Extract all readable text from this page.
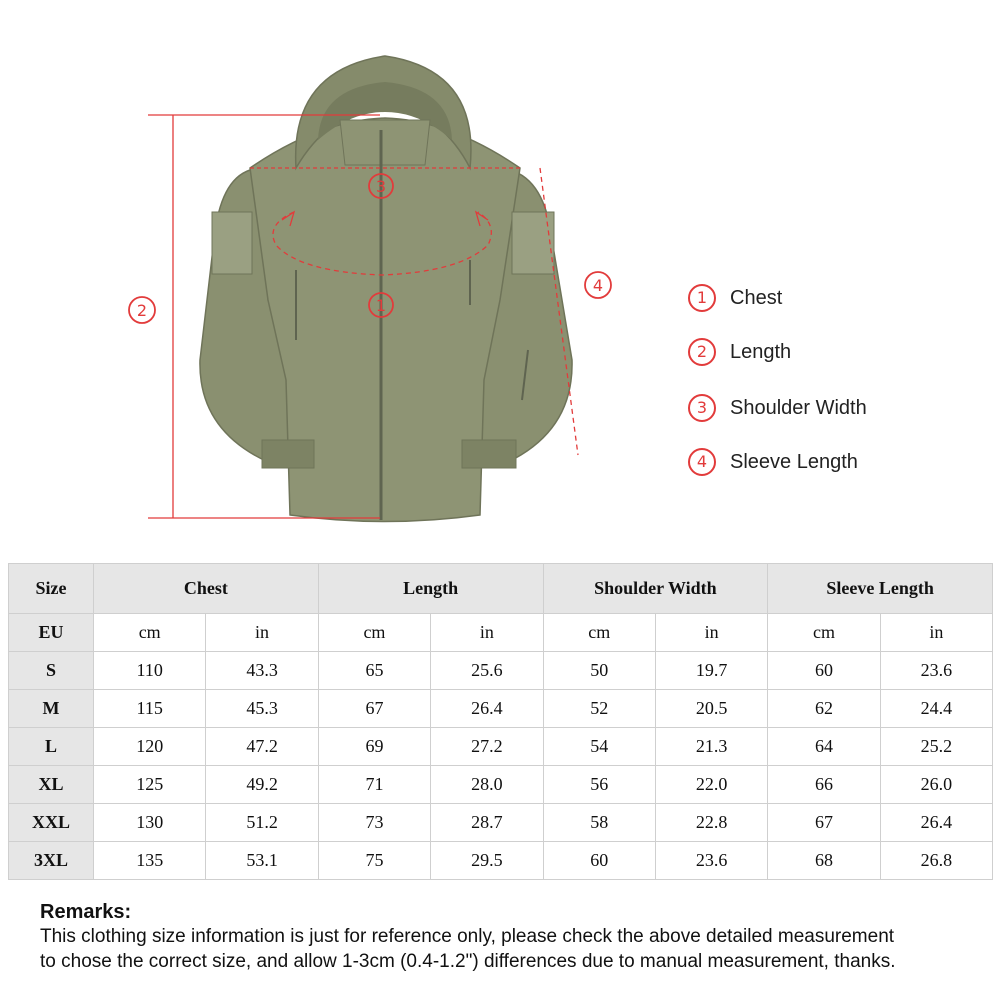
3
1
2
4
1	Chest
2	Length
3	Shoulder Width
4	Sleeve Length
Size	Chest		Length		Shoulder Width		Sleeve Length	
EU	cm	in	cm	in	cm	in	cm	in
S	110	43.3	65	25.6	50	19.7	60	23.6
M	115	45.3	67	26.4	52	20.5	62	24.4
L	120	47.2	69	27.2	54	21.3	64	25.2
XL	125	49.2	71	28.0	56	22.0	66	26.0
XXL	130	51.2	73	28.7	58	22.8	67	26.4
3XL	135	53.1	75	29.5	60	23.6	68	26.8
Remarks:
This clothing size information is just for reference only, please check the above detailed measurement
to chose the correct size, and allow 1-3cm (0.4-1.2") differences due to manual measurement, thanks.
